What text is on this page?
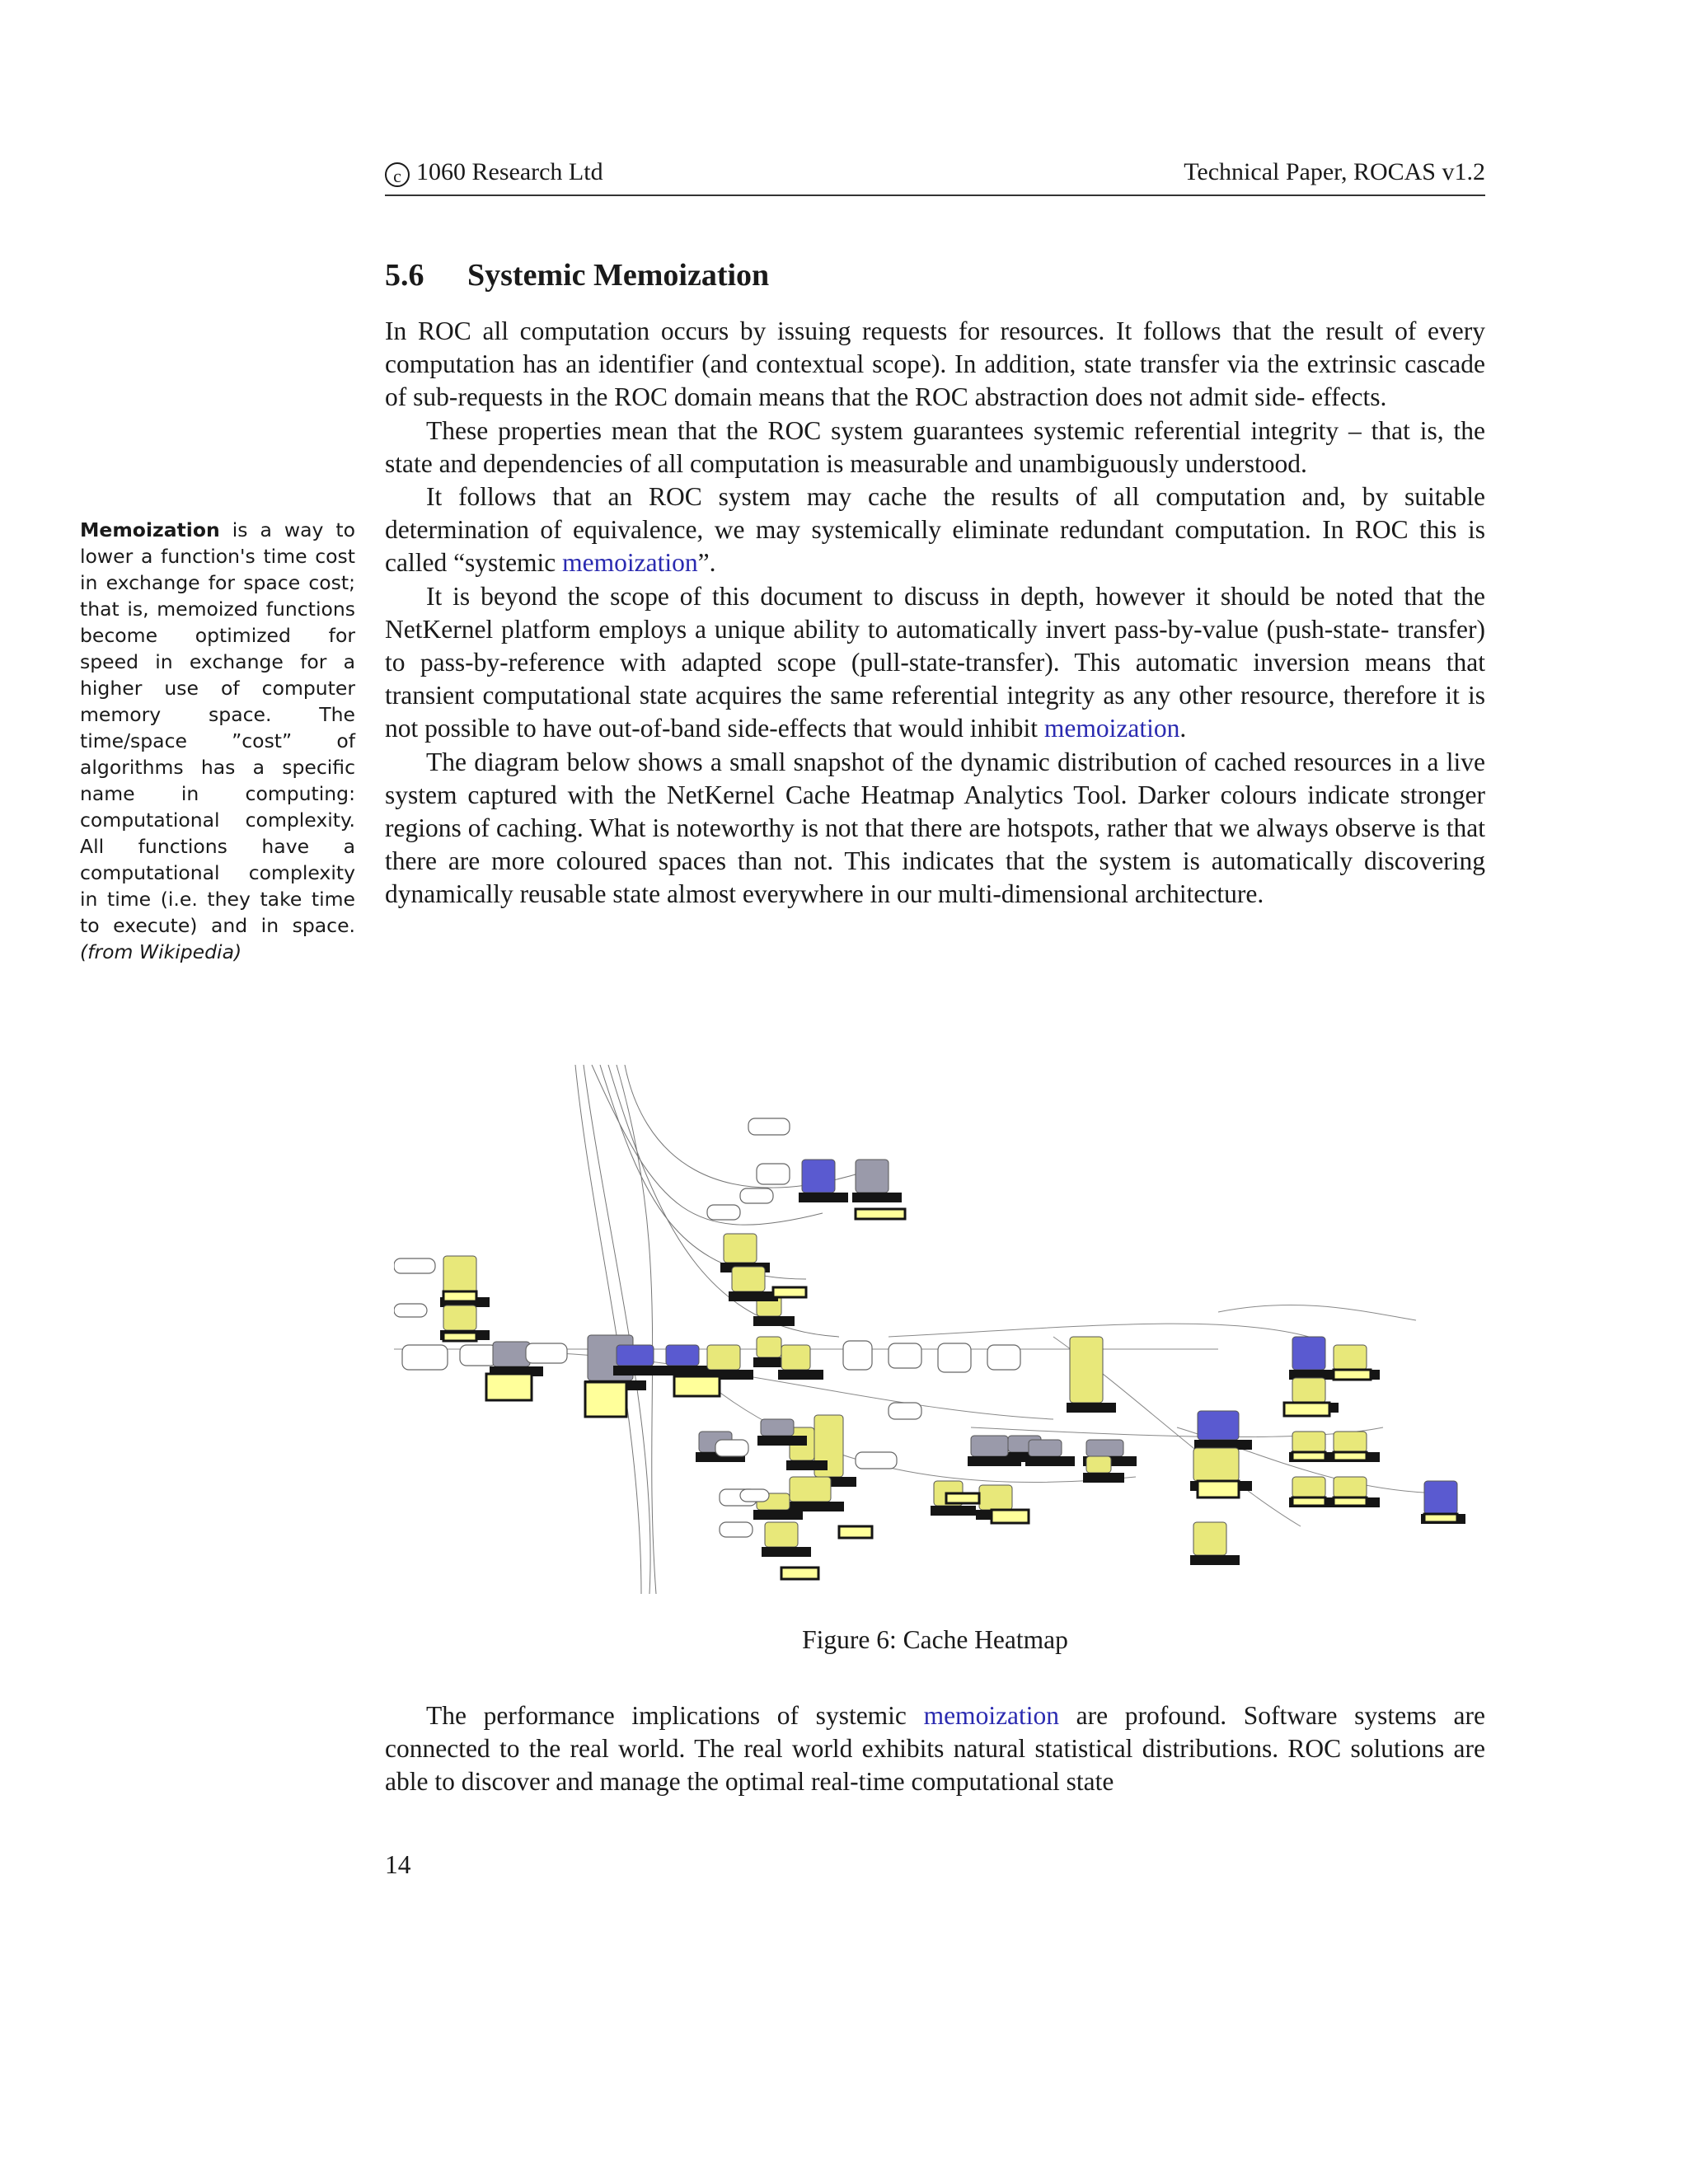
c 1060 Research Ltd	Technical Paper, ROCAS v1.2
5.6 Systemic Memoization

In ROC all computation occurs by issuing requests for resources. It follows that the result of every computation has an identifier (and contextual scope). In addition, state transfer via the extrinsic cascade of sub-requests in the ROC domain means that the ROC abstraction does not admit side- effects.

These properties mean that the ROC system guarantees systemic referential integrity – that is, the state and dependencies of all computation is measurable and unambiguously understood.

It follows that an ROC system may cache the results of all computation and, by suitable determination of equivalence, we may systemically eliminate redundant computation. In ROC this is called “systemic memoization”.

It is beyond the scope of this document to discuss in depth, however it should be noted that the NetKernel platform employs a unique ability to automatically invert pass-by-value (push-state- transfer) to pass-by-reference with adapted scope (pull-state-transfer). This automatic inversion means that transient computational state acquires the same referential integrity as any other resource, therefore it is not possible to have out-of-band side-effects that would inhibit memoization.

The diagram below shows a small snapshot of the dynamic distribution of cached resources in a live system captured with the NetKernel Cache Heatmap Analytics Tool. Darker colours indicate stronger regions of caching. What is noteworthy is not that there are hotspots, rather that we always observe is that there are more coloured spaces than not. This indicates that the system is automatically discovering dynamically reusable state almost everywhere in our multi-dimensional architecture.

Memoization is a way to lower a function's time cost in exchange for space cost; that is, memoized functions become optimized for speed in exchange for a higher use of computer memory space. The time/space ”cost” of algorithms has a specific name in computing: computational complexity. All functions have a computational complexity in time (i.e. they take time to execute) and in space. (from Wikipedia)
Figure 6: Cache Heatmap

The performance implications of systemic memoization are profound. Software systems are connected to the real world. The real world exhibits natural statistical distributions. ROC solutions are able to discover and manage the optimal real-time computational state

14
